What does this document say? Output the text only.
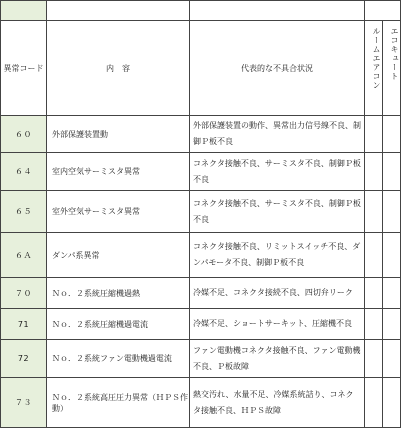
異常コード	内　容	代表的な不具合状況	ルームエアコン	エコキュート
６０	外部保護装置動	外部保護装置の動作、異常出力信号線不良、制御Ｐ板不良		
６４	室内空気サーミスタ異常	コネクタ接触不良、サーミスタ不良、制御Ｐ板不良		
６５	室外空気サーミスタ異常	コネクタ接触不良、サーミスタ不良、制御Ｐ板不良		
６Ａ	ダンパ系異常	コネクタ接触不良、リミットスイッチ不良、ダンパモータ不良、制御Ｐ板不良		
７０	Ｎｏ．２系統圧縮機過熱	冷媒不足、コネクタ接続不良、四切弁リーク		
71	Ｎｏ．２系統圧縮機過電流	冷媒不足、ショートサーキット、圧縮機不良		
72	Ｎｏ．２系統ファン電動機過電流	ファン電動機コネクタ接触不良、ファン電動機不良、Ｐ板故障		
７３	Ｎｏ．２系統高圧圧力異常（ＨＰＳ作動）	熱交汚れ、水量不足、冷媒系統詰り、コネクタ接触不良、ＨＰＳ故障		
